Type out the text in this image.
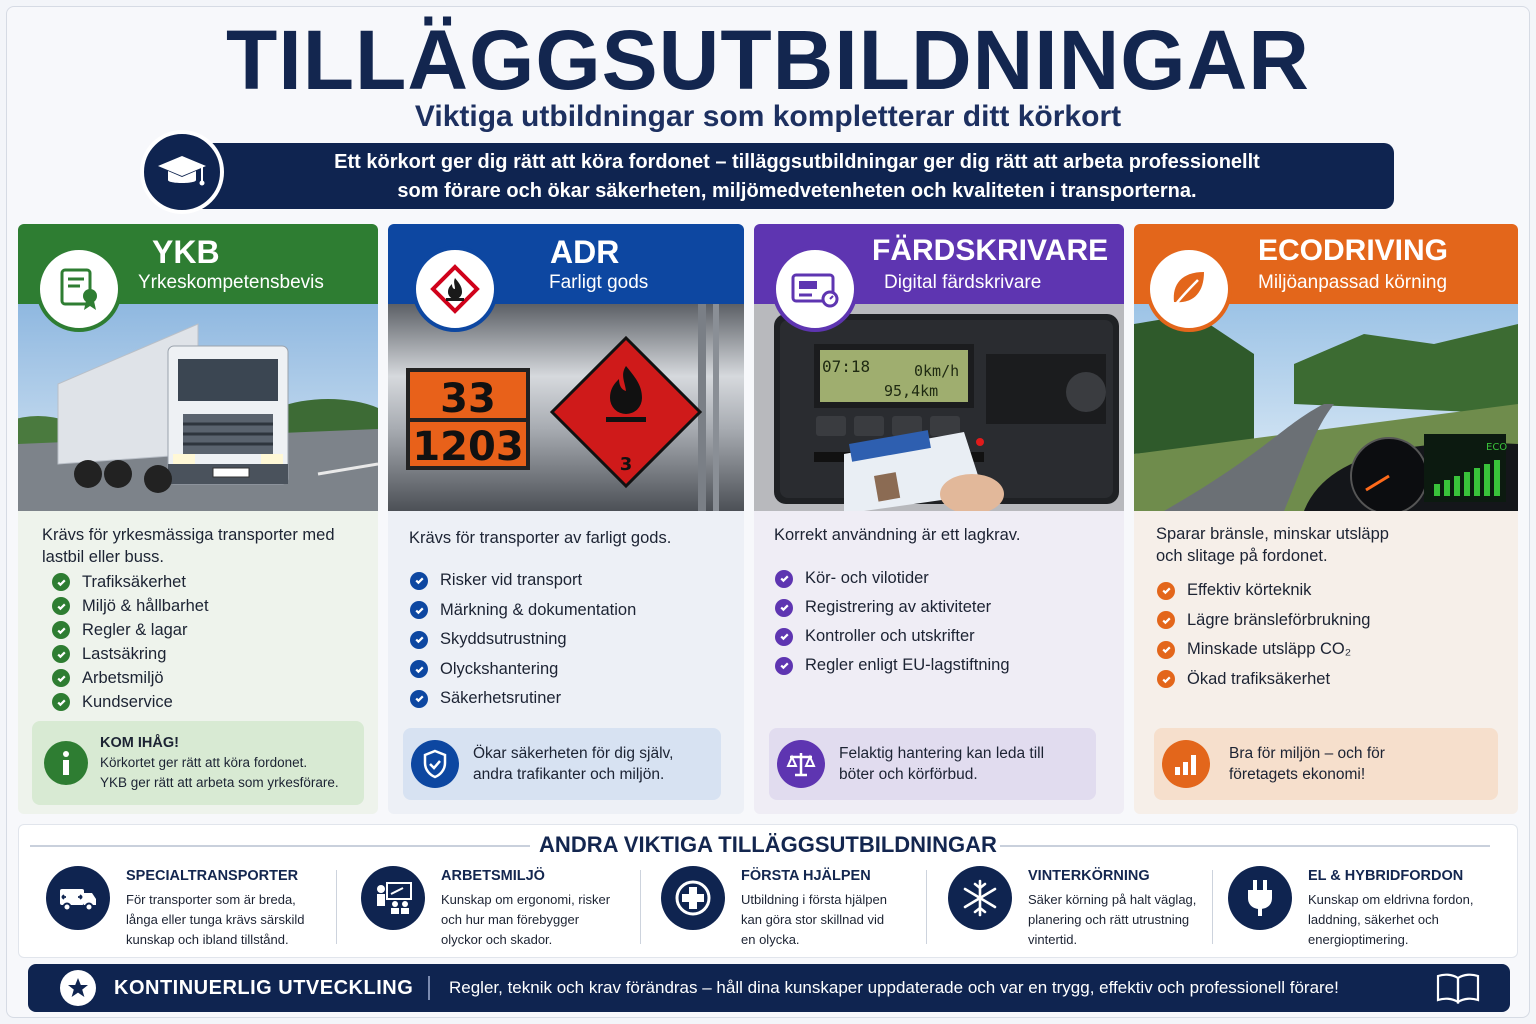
TILLÄGGSUTBILDNINGAR
Viktiga utbildningar som kompletterar ditt körkort
Ett körkort ger dig rätt att köra fordonet – tilläggsutbildningar ger dig rätt att arbeta professionellt
som förare och ökar säkerheten, miljömedvetenheten och kvaliteten i transporterna.
YKB
Yrkeskompetensbevis
Krävs för yrkesmässiga transporter med
lastbil eller buss.
Trafiksäkerhet
Miljö & hållbarhet
Regler & lagar
Lastsäkring
Arbetsmiljö
Kundservice
KOM IHÅG!
Körkortet ger rätt att köra fordonet.
YKB ger rätt att arbeta som yrkesförare.
ADR
Farligt gods
33
1203	3
Krävs för transporter av farligt gods.
Risker vid transport
Märkning & dokumentation
Skyddsutrustning
Olyckshantering
Säkerhetsrutiner
Ökar säkerheten för dig själv,
andra trafikanter och miljön.
FÄRDSKRIVARE
Digital färdskrivare
07:18	0km/h
95,4km
Korrekt användning är ett lagkrav.
Kör- och vilotider
Registrering av aktiviteter
Kontroller och utskrifter
Regler enligt EU-lagstiftning
Felaktig hantering kan leda till
böter och körförbud.
ECODRIVING
Miljöanpassad körning
ECO
Sparar bränsle, minskar utsläpp
och slitage på fordonet.
Effektiv körteknik
Lägre bränsleförbrukning
Minskade utsläpp CO₂
Ökad trafiksäkerhet
Bra för miljön – och för
företagets ekonomi!
ANDRA VIKTIGA TILLÄGGSUTBILDNINGAR
SPECIALTRANSPORTER
För transporter som är breda,
långa eller tunga krävs särskild
kunskap och ibland tillstånd.
ARBETSMILJÖ
Kunskap om ergonomi, risker
och hur man förebygger
olyckor och skador.
FÖRSTA HJÄLPEN
Utbildning i första hjälpen
kan göra stor skillnad vid
en olycka.
VINTERKÖRNING
Säker körning på halt väglag,
planering och rätt utrustning
vintertid.
EL & HYBRIDFORDON
Kunskap om eldrivna fordon,
laddning, säkerhet och
energioptimering.
KONTINUERLIG UTVECKLING Regler, teknik och krav förändras – håll dina kunskaper uppdaterade och var en trygg, effektiv och professionell förare!
